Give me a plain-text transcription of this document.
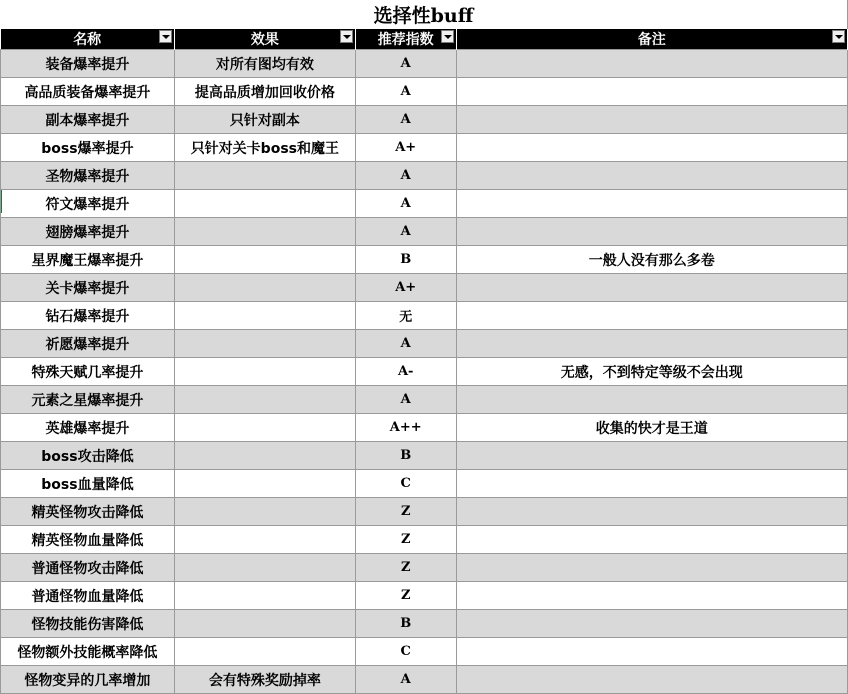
选择性buff
名称	效果	推荐指数	备注

装备爆率提升	对所有图均有效	A	
高品质装备爆率提升	提高品质增加回收价格	A	
副本爆率提升	只针对副本	A	
boss爆率提升	只针对关卡boss和魔王	A+	
圣物爆率提升		A	
符文爆率提升		A	
翅膀爆率提升		A	
星界魔王爆率提升		B	一般人没有那么多卷
关卡爆率提升		A+	
钻石爆率提升		无	
祈愿爆率提升		A	
特殊天赋几率提升		A-	无感，不到特定等级不会出现
元素之星爆率提升		A	
英雄爆率提升		A++	收集的快才是王道
boss攻击降低		B	
boss血量降低		C	
精英怪物攻击降低		Z	
精英怪物血量降低		Z	
普通怪物攻击降低		Z	
普通怪物血量降低		Z	
怪物技能伤害降低		B	
怪物额外技能概率降低		C	
怪物变异的几率增加	会有特殊奖励掉率	A	
